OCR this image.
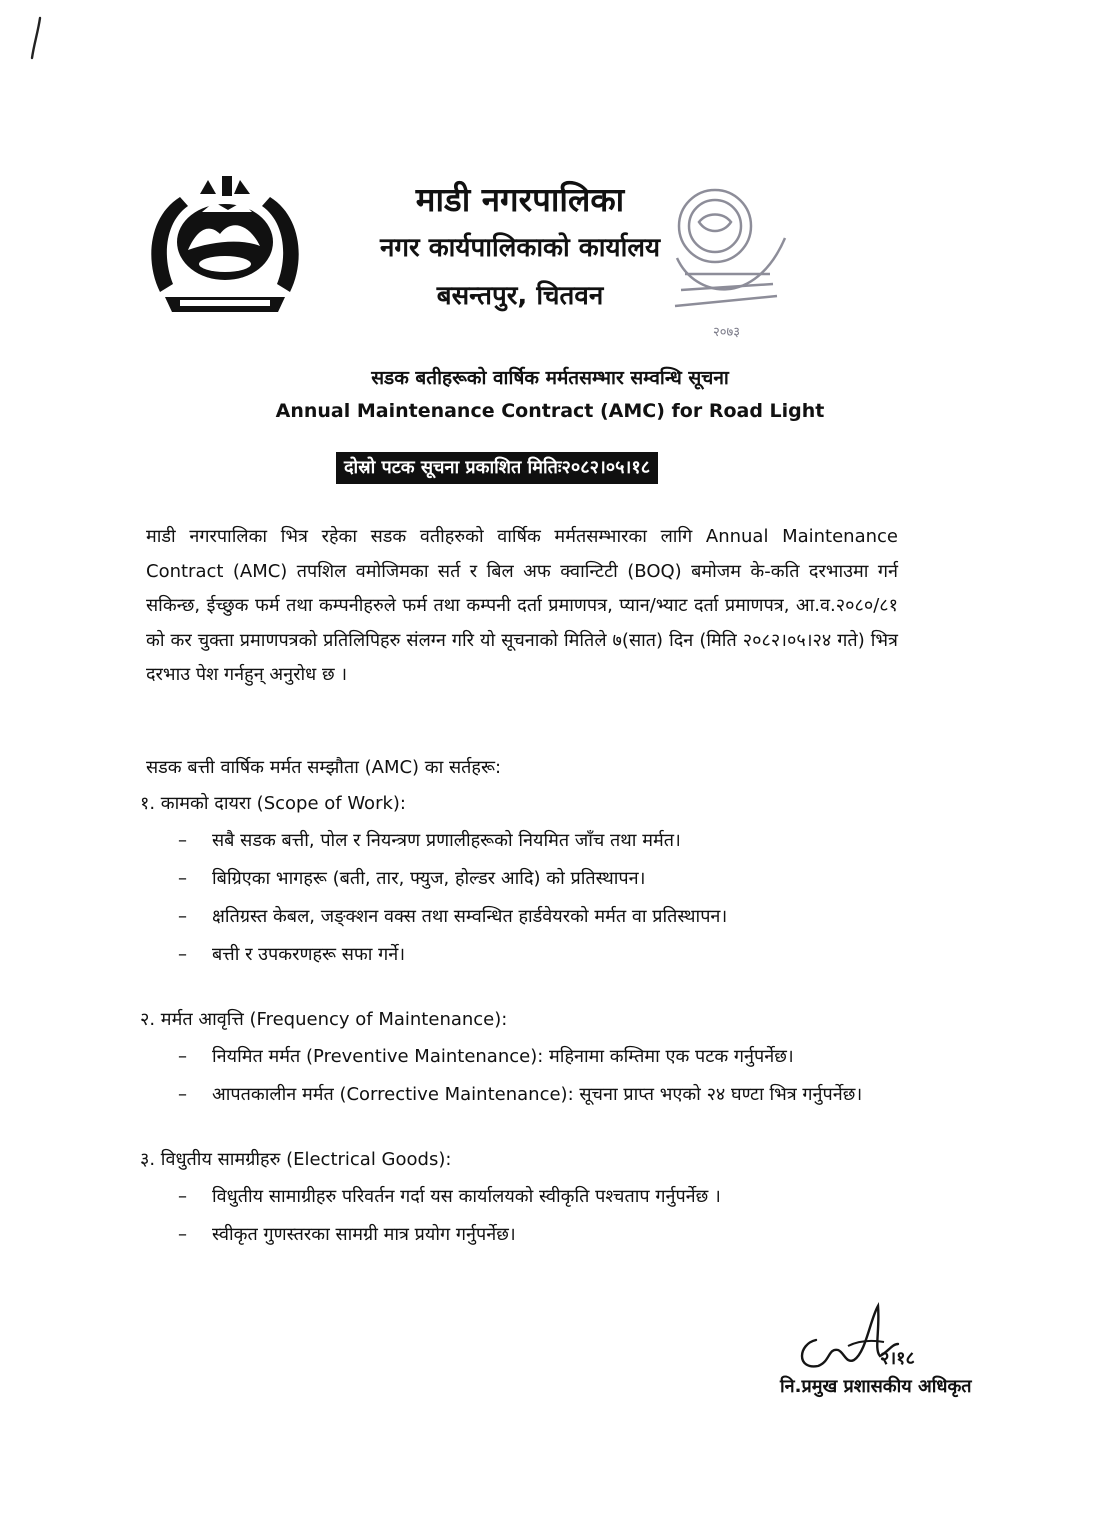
माडी नगरपालिका
नगर कार्यपालिकाको कार्यालय
बसन्तपुर, चितवन
२०७३
सडक बतीहरूको वार्षिक मर्मतसम्भार सम्वन्धि सूचना
Annual Maintenance Contract (AMC) for Road Light
दोस्रो पटक सूचना प्रकाशित मितिः२०८२।०५।१८
माडी नगरपालिका भित्र रहेका सडक वतीहरुको वार्षिक मर्मतसम्भारका लागि Annual Maintenance Contract (AMC) तपशिल वमोजिमका सर्त र बिल अफ क्वान्टिटी (BOQ) बमोजम के-कति दरभाउमा गर्न सकिन्छ, ईच्छुक फर्म तथा कम्पनीहरुले फर्म तथा कम्पनी दर्ता प्रमाणपत्र, प्यान/भ्याट दर्ता प्रमाणपत्र, आ.व.२०८०/८१ को कर चुक्ता प्रमाणपत्रको प्रतिलिपिहरु संलग्न गरि यो सूचनाको मितिले ७(सात) दिन (मिति २०८२।०५।२४ गते) भित्र दरभाउ पेश गर्नहुन् अनुरोध छ ।
सडक बत्ती वार्षिक मर्मत सम्झौता (AMC) का सर्तहरू:
१. कामको दायरा (Scope of Work):
– सबै सडक बत्ती, पोल र नियन्त्रण प्रणालीहरूको नियमित जाँच तथा मर्मत।
– बिग्रिएका भागहरू (बती, तार, फ्युज, होल्डर आदि) को प्रतिस्थापन।
– क्षतिग्रस्त केबल, जङ्क्शन वक्स तथा सम्वन्धित हार्डवेयरको मर्मत वा प्रतिस्थापन।
– बत्ती र उपकरणहरू सफा गर्ने।
२. मर्मत आवृत्ति (Frequency of Maintenance):
– नियमित मर्मत (Preventive Maintenance): महिनामा कम्तिमा एक पटक गर्नुपर्नेछ।
– आपतकालीन मर्मत (Corrective Maintenance): सूचना प्राप्त भएको २४ घण्टा भित्र गर्नुपर्नेछ।
३. विधुतीय सामग्रीहरु (Electrical Goods):
– विधुतीय सामाग्रीहरु परिवर्तन गर्दा यस कार्यालयको स्वीकृति पश्चताप गर्नुपर्नेछ ।
– स्वीकृत गुणस्तरका सामग्री मात्र प्रयोग गर्नुपर्नेछ।
२।१८
नि.प्रमुख प्रशासकीय अधिकृत
